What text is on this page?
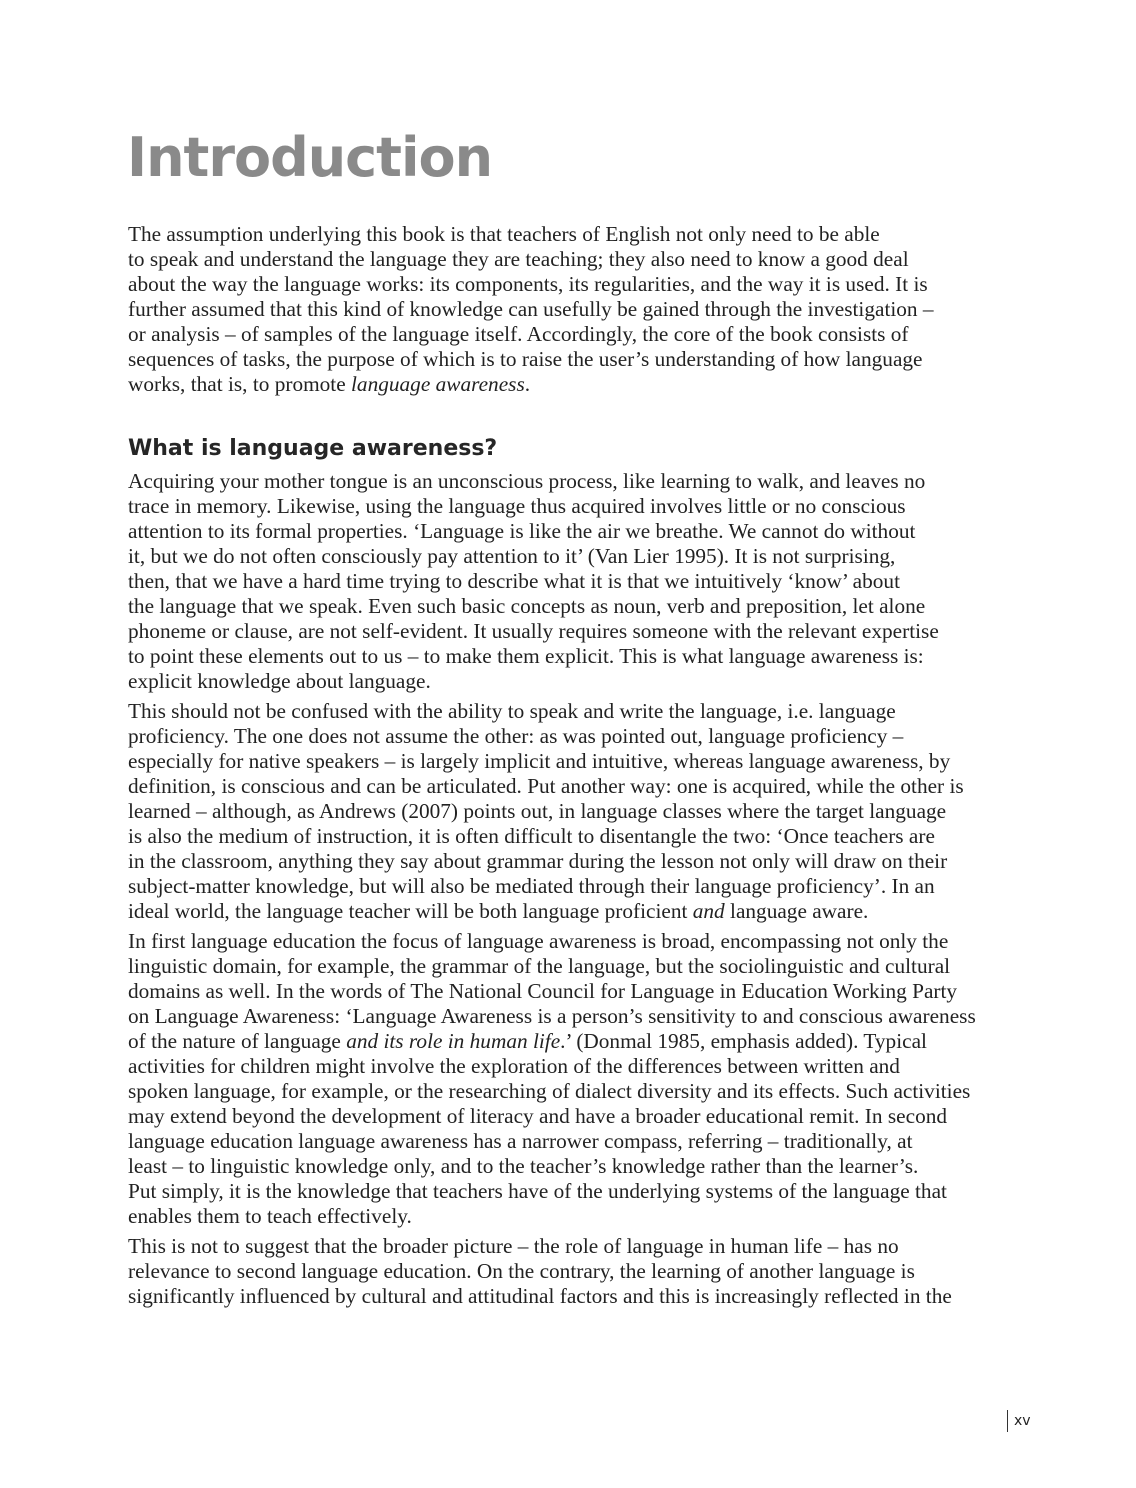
Introduction

The assumption underlying this book is that teachers of English not only need to be able
to speak and understand the language they are teaching; they also need to know a good deal
about the way the language works: its components, its regularities, and the way it is used. It is
further assumed that this kind of knowledge can usefully be gained through the investigation –
or analysis – of samples of the language itself. Accordingly, the core of the book consists of
sequences of tasks, the purpose of which is to raise the user’s understanding of how language
works, that is, to promote language awareness.

What is language awareness?

Acquiring your mother tongue is an unconscious process, like learning to walk, and leaves no
trace in memory. Likewise, using the language thus acquired involves little or no conscious
attention to its formal properties. ‘Language is like the air we breathe. We cannot do without
it, but we do not often consciously pay attention to it’ (Van Lier 1995). It is not surprising,
then, that we have a hard time trying to describe what it is that we intuitively ‘know’ about
the language that we speak. Even such basic concepts as noun, verb and preposition, let alone
phoneme or clause, are not self-evident. It usually requires someone with the relevant expertise
to point these elements out to us – to make them explicit. This is what language awareness is:
explicit knowledge about language.

This should not be confused with the ability to speak and write the language, i.e. language
proficiency. The one does not assume the other: as was pointed out, language proficiency –
especially for native speakers – is largely implicit and intuitive, whereas language awareness, by
definition, is conscious and can be articulated. Put another way: one is acquired, while the other is
learned – although, as Andrews (2007) points out, in language classes where the target language
is also the medium of instruction, it is often difficult to disentangle the two: ‘Once teachers are
in the classroom, anything they say about grammar during the lesson not only will draw on their
subject-matter knowledge, but will also be mediated through their language proficiency’. In an
ideal world, the language teacher will be both language proficient and language aware.

In first language education the focus of language awareness is broad, encompassing not only the
linguistic domain, for example, the grammar of the language, but the sociolinguistic and cultural
domains as well. In the words of The National Council for Language in Education Working Party
on Language Awareness: ‘Language Awareness is a person’s sensitivity to and conscious awareness
of the nature of language and its role in human life.’ (Donmal 1985, emphasis added). Typical
activities for children might involve the exploration of the differences between written and
spoken language, for example, or the researching of dialect diversity and its effects. Such activities
may extend beyond the development of literacy and have a broader educational remit. In second
language education language awareness has a narrower compass, referring – traditionally, at
least – to linguistic knowledge only, and to the teacher’s knowledge rather than the learner’s.
Put simply, it is the knowledge that teachers have of the underlying systems of the language that
enables them to teach effectively.

This is not to suggest that the broader picture – the role of language in human life – has no
relevance to second language education. On the contrary, the learning of another language is
significantly influenced by cultural and attitudinal factors and this is increasingly reflected in the

xv
